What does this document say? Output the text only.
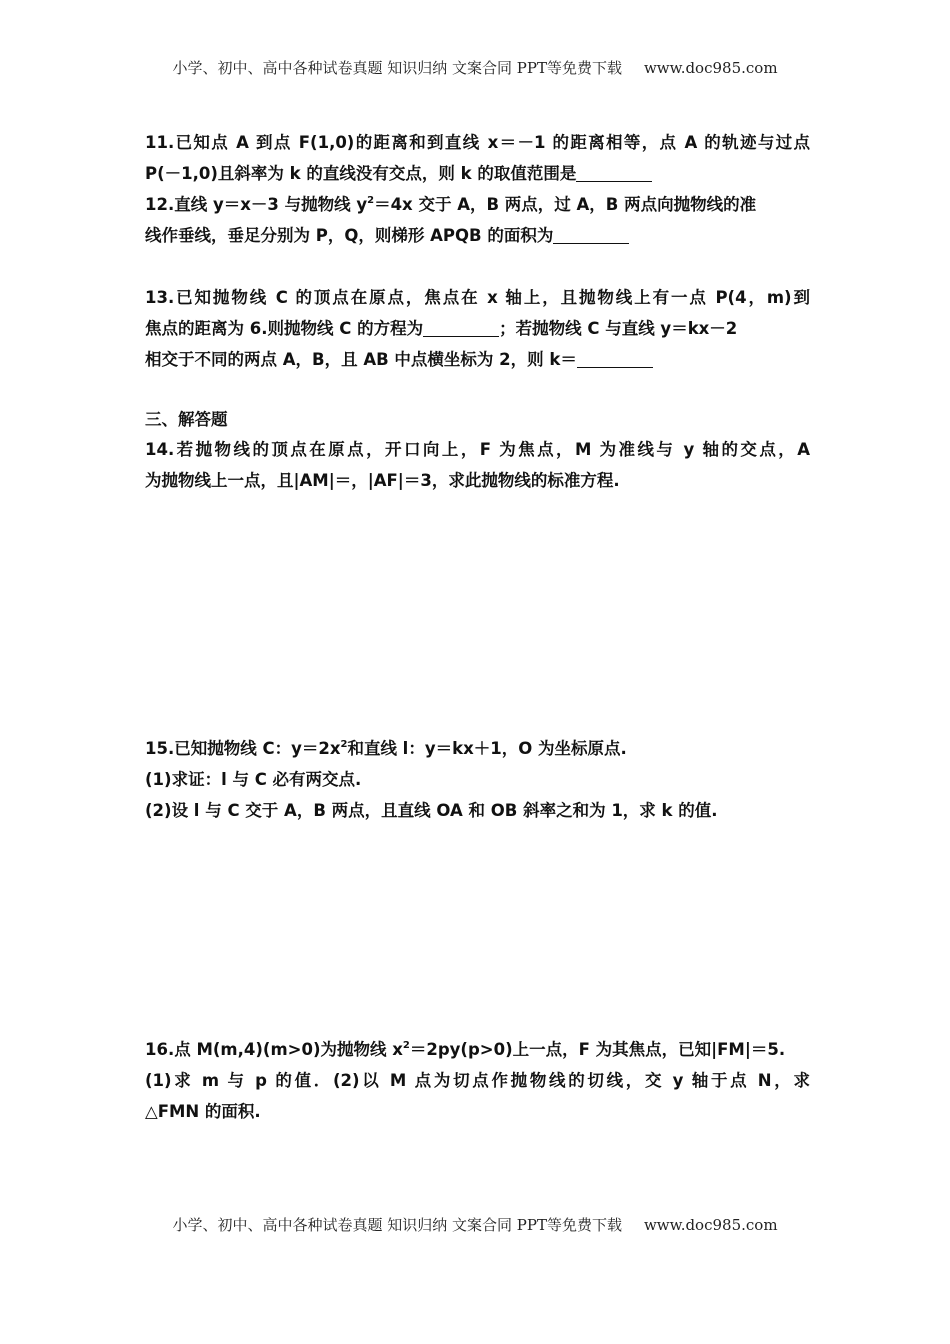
小学、初中、高中各种试卷真题 知识归纳 文案合同 PPT等免费下载 www.doc985.com
11.已知点 A 到点 F(1,0)的距离和到直线 x＝－1 的距离相等，点 A 的轨迹与过点
P(－1,0)且斜率为 k 的直线没有交点，则 k 的取值范围是
12.直线 y＝x－3 与抛物线 $y^2=4x$ 交于 A，B 两点，过 A，B 两点向抛物线的准
线作垂线，垂足分别为 P，Q，则梯形 APQB 的面积为
13.已知抛物线 C 的顶点在原点，焦点在 x 轴上，且抛物线上有一点 P(4，m)到
焦点的距离为 6.则抛物线 C 的方程为	；若抛物线 C 与直线 y＝kx－2
相交于不同的两点 A，B，且 AB 中点横坐标为 2，则 k＝
三、解答题
14.若抛物线的顶点在原点，开口向上，F 为焦点，M 为准线与 y 轴的交点，A
为抛物线上一点，且|AM|＝，|AF|＝3，求此抛物线的标准方程.
15.已知抛物线 C：$y=2x^2$和直线 l：y＝kx＋1，O 为坐标原点.
(1)求证：l 与 C 必有两交点.
(2)设 l 与 C 交于 A，B 两点，且直线 OA 和 OB 斜率之和为 1，求 k 的值.
16.点 M(m,4)(m>0)为抛物线 $x^2=2py(p>0)$上一点，F 为其焦点，已知|FM|＝5.
(1)求 m 与 p 的值．(2)以 M 点为切点作抛物线的切线，交 y 轴于点 N，求
△FMN 的面积.
小学、初中、高中各种试卷真题 知识归纳 文案合同 PPT等免费下载 www.doc985.com
